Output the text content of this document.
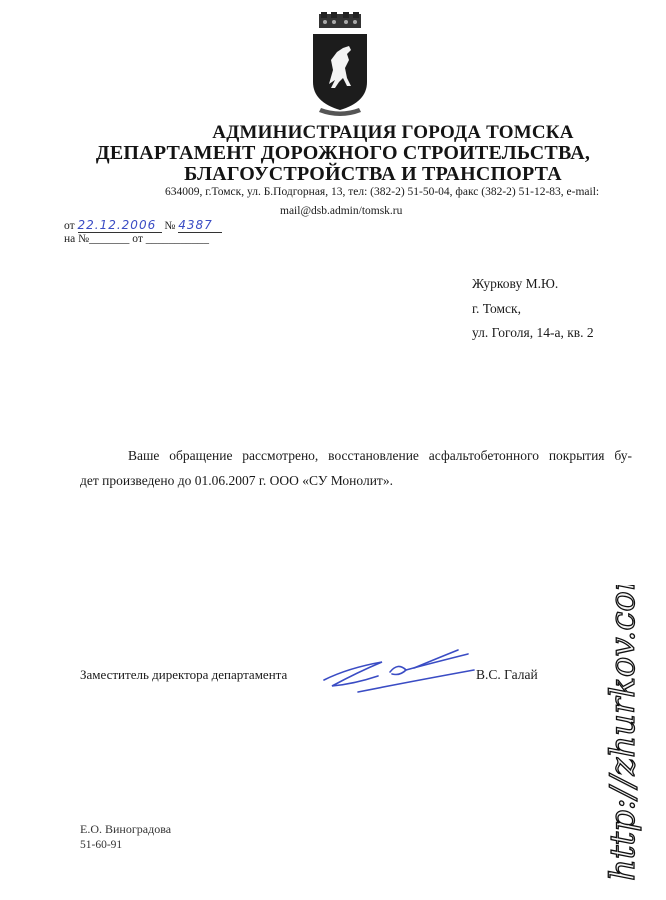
АДМИНИСТРАЦИЯ ГОРОДА ТОМСКА
ДЕПАРТАМЕНТ ДОРОЖНОГО СТРОИТЕЛЬСТВА,
БЛАГОУСТРОЙСТВА И ТРАНСПОРТА
634009, г.Томск, ул. Б.Подгорная, 13, тел: (382-2) 51-50-04, факс (382-2) 51-12-83, e-mail:
mail@dsb.admin/tomsk.ru
от 22.12.2006 № 4387
на №_______ от ___________
Журкову М.Ю.
г. Томск,
ул. Гоголя, 14-а, кв. 2
Ваше обращение рассмотрено, восстановление асфальтобетонного покрытия бу-
дет произведено до 01.06.2007 г. ООО «СУ Монолит».
Заместитель директора департамента	В.С. Галай
Е.О. Виноградова
51-60-91	http://zhurkov.com
